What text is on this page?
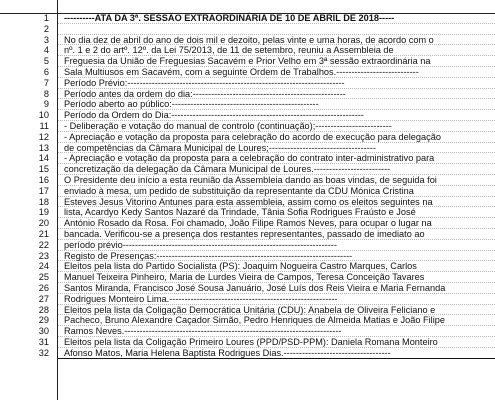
1
2
3
4
5
6
7
8
9
10
11
12
13
14
15
16
17
18
19
20
21
22
23
24
25
26
27
28
29
30
31
32
----------ATA DA 3ª. SESSÃO EXTRAORDINÁRIA DE 10 DE ABRIL DE 2018-----
No dia dez de abril do ano de dois mil e dezoito, pelas vinte e uma horas, de acordo com o
nº. 1 e 2 do artº. 12º. da Lei 75/2013, de 11 de setembro, reuniu a Assembleia de
Freguesia da União de Freguesias Sacavém e Prior Velho em 3ª sessão extraordinária na
Sala Multiusos em Sacavém, com a seguinte Ordem de Trabalhos.---------------------------
Período Prévio:-----------------------------------------------------------------------
Período antes da ordem do dia:--------------------------------------------------
Período aberto ao público:------------------------------------------------
Período da Ordem do Dia:---------------------------------------------------------------
- Deliberação e votação do manual de controlo (continuação);-------------------------
- Apreciação e votação da proposta para celebração do acordo de execução para delegação
de competências da Câmara Municipal de Loures;-----------------------------------
- Apreciação e votação da proposta para a celebração do contrato inter-administrativo para
concretização da delegação da Câmara Municipal de Loures.-------------------------
O Presidente deu início a esta reunião da Assembleia dando as boas vindas, de seguida foi
enviado à mesa, um pedido de substituição da representante da CDU Mónica Cristina
Esteves Jesus Vitorino Antunes para esta assembleia, assim como os eleitos seguintes na
lista, Acardyo Kedy Santos Nazaré da Trindade, Tânia Sofia Rodrigues Fraústo e José
António Rosado da Rosa. Foi chamado, João Filipe Ramos Neves, para ocupar o lugar na
bancada. Verificou-se a presença dos restantes representantes, passado de imediato ao
período prévio----------------------------------------------------------------------
Registo de Presenças:----------------------------------------------------------------
Eleitos pela lista do Partido Socialista (PS): Joaquim Nogueira Castro Marques, Carlos
Manuel Teixeira Pinheiro, Maria de Lurdes Vieira de Campos, Teresa Conceição Tavares
Santos Miranda, Francisco José Sousa Januário, José Luís dos Reis Vieira e Maria Fernanda
Rodrigues Monteiro Lima.-------------------------------------------------------
Eleitos pela lista da Coligação Democrática Unitária (CDU): Anabela de Oliveira Feliciano e
Pacheco, Bruno Alexandre Caçador Simão, Pedro Henriques de Almeida Matias e João Filipe
Ramos Neves.-----------------------------------------------------------------------
Eleitos pela lista da Coligação Primeiro Loures (PPD/PSD-PPM): Daniela Romana Monteiro
Afonso Matos, Maria Helena Baptista Rodrigues Dias.-----------------------------------
